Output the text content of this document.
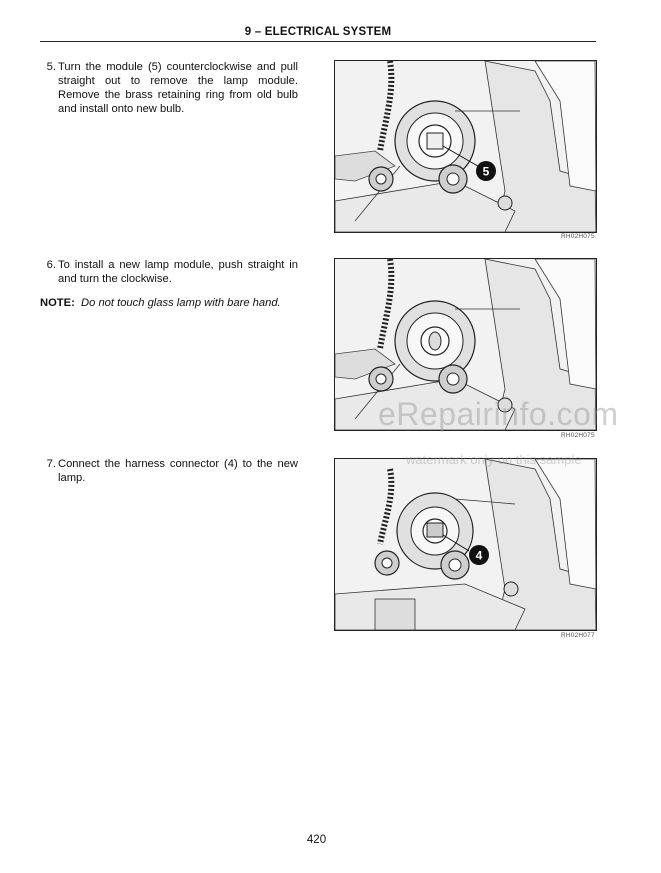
9 – ELECTRICAL SYSTEM
5. Turn the module (5) counterclockwise and pull straight out to remove the lamp module. Remove the brass retaining ring from old bulb and install onto new bulb.
6. To install a new lamp module, push straight in and turn the clockwise.
NOTE: Do not touch glass lamp with bare hand.
7. Connect the harness connector (4) to the new lamp.
5
RH02H075
RH02H075
4
RH02H077
eRepairinfo.com
watermark only on this sample
420
